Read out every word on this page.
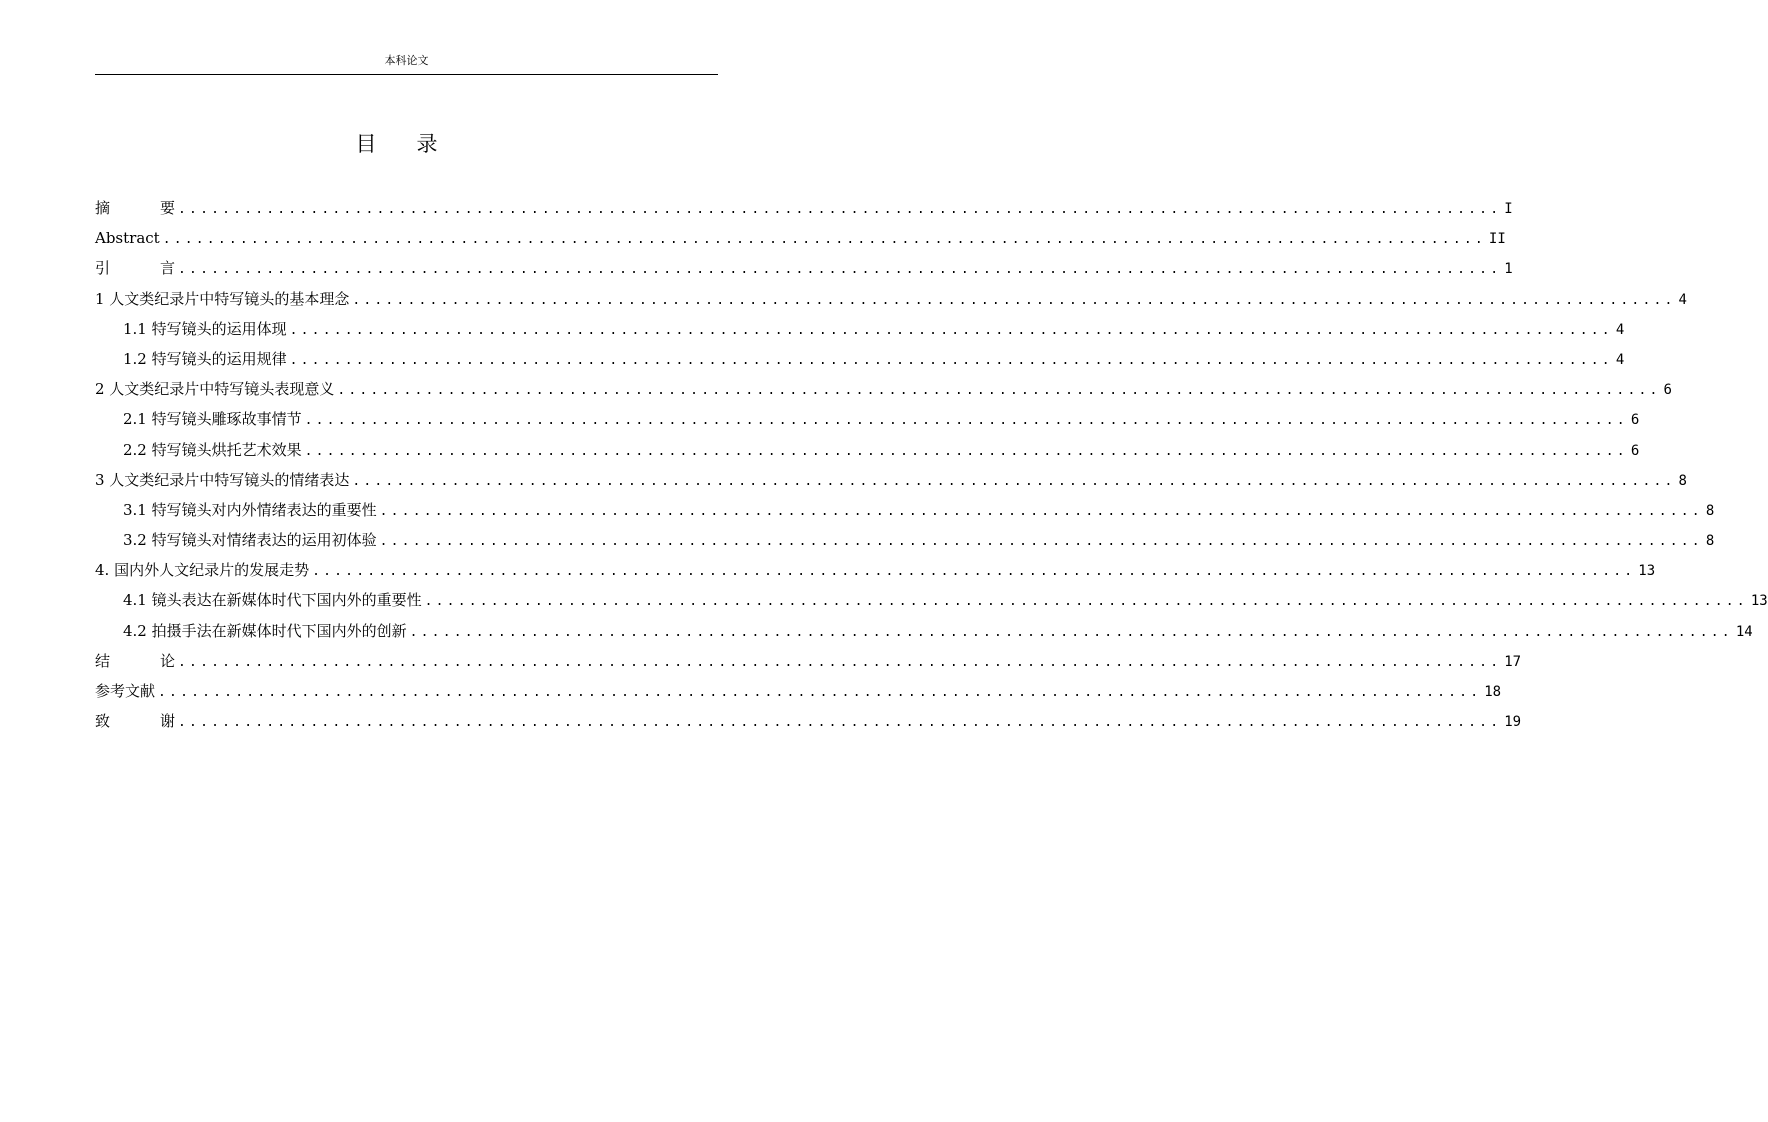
本科论文
目 录
摘	要 ........................................................................................................................ I
Abstract ........................................................................................................................ II
引	言 ........................................................................................................................ 1
1 人文类纪录片中特写镜头的基本理念 ........................................................................................................................ 4
1.1 特写镜头的运用体现 ........................................................................................................................ 4
1.2 特写镜头的运用规律 ........................................................................................................................ 4
2 人文类纪录片中特写镜头表现意义 ........................................................................................................................ 6
2.1 特写镜头雕琢故事情节 ........................................................................................................................ 6
2.2 特写镜头烘托艺术效果 ........................................................................................................................ 6
3 人文类纪录片中特写镜头的情绪表达 ........................................................................................................................ 8
3.1 特写镜头对内外情绪表达的重要性 ........................................................................................................................ 8
3.2 特写镜头对情绪表达的运用初体验 ........................................................................................................................ 8
4. 国内外人文纪录片的发展走势 ........................................................................................................................ 13
4.1 镜头表达在新媒体时代下国内外的重要性 ........................................................................................................................ 13
4.2 拍摄手法在新媒体时代下国内外的创新 ........................................................................................................................ 14
结	论 ........................................................................................................................ 17
参考文献 ........................................................................................................................ 18
致	谢 ........................................................................................................................ 19
